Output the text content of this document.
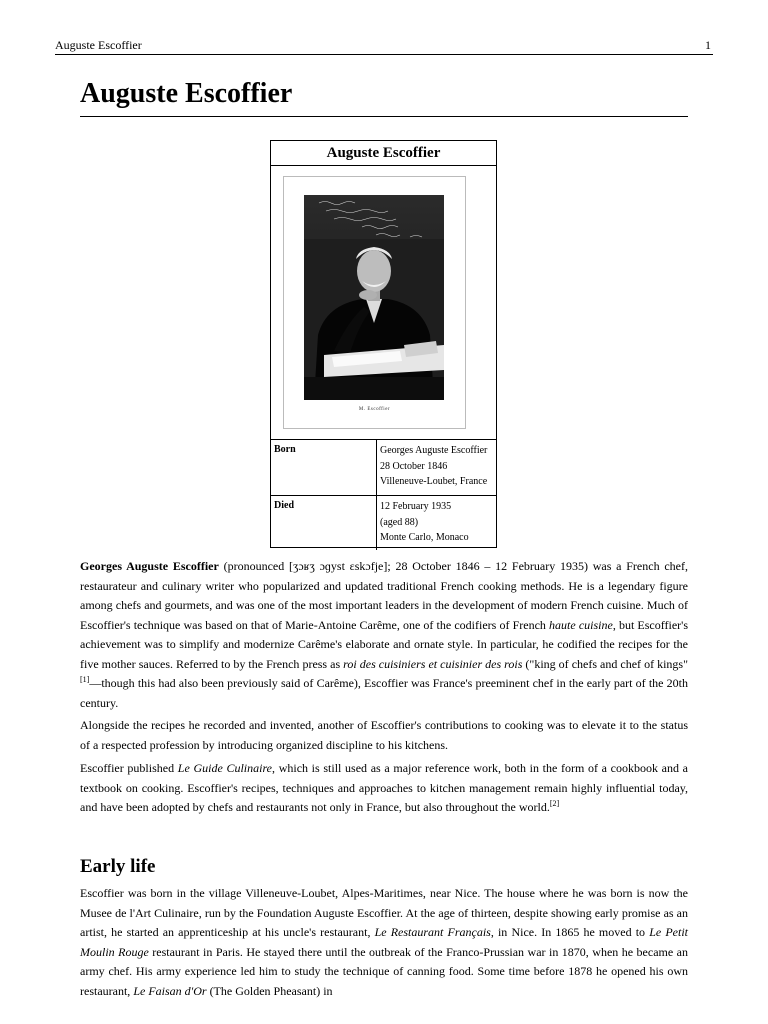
Auguste Escoffier	1
Auguste Escoffier
Auguste Escoffier
M. Escoffier
Born	Georges Auguste Escoffier
28 October 1846
Villeneuve-Loubet, France
Died	12 February 1935
(aged 88)
Monte Carlo, Monaco

Georges Auguste Escoffier (pronounced [ʒɔʁʒ ɔɡyst ɛskɔfje]; 28 October 1846 – 12 February 1935) was a French chef, restaurateur and culinary writer who popularized and updated traditional French cooking methods. He is a legendary figure among chefs and gourmets, and was one of the most important leaders in the development of modern French cuisine. Much of Escoffier's technique was based on that of Marie-Antoine Carême, one of the codifiers of French haute cuisine, but Escoffier's achievement was to simplify and modernize Carême's elaborate and ornate style. In particular, he codified the recipes for the five mother sauces. Referred to by the French press as roi des cuisiniers et cuisinier des rois ("king of chefs and chef of kings"[1]—though this had also been previously said of Carême), Escoffier was France's preeminent chef in the early part of the 20th century.

Alongside the recipes he recorded and invented, another of Escoffier's contributions to cooking was to elevate it to the status of a respected profession by introducing organized discipline to his kitchens.

Escoffier published Le Guide Culinaire, which is still used as a major reference work, both in the form of a cookbook and a textbook on cooking. Escoffier's recipes, techniques and approaches to kitchen management remain highly influential today, and have been adopted by chefs and restaurants not only in France, but also throughout the world.[2]

Early life

Escoffier was born in the village Villeneuve-Loubet, Alpes-Maritimes, near Nice. The house where he was born is now the Musee de l'Art Culinaire, run by the Foundation Auguste Escoffier. At the age of thirteen, despite showing early promise as an artist, he started an apprenticeship at his uncle's restaurant, Le Restaurant Français, in Nice. In 1865 he moved to Le Petit Moulin Rouge restaurant in Paris. He stayed there until the outbreak of the Franco-Prussian war in 1870, when he became an army chef. His army experience led him to study the technique of canning food. Some time before 1878 he opened his own restaurant, Le Faisan d'Or (The Golden Pheasant) in
